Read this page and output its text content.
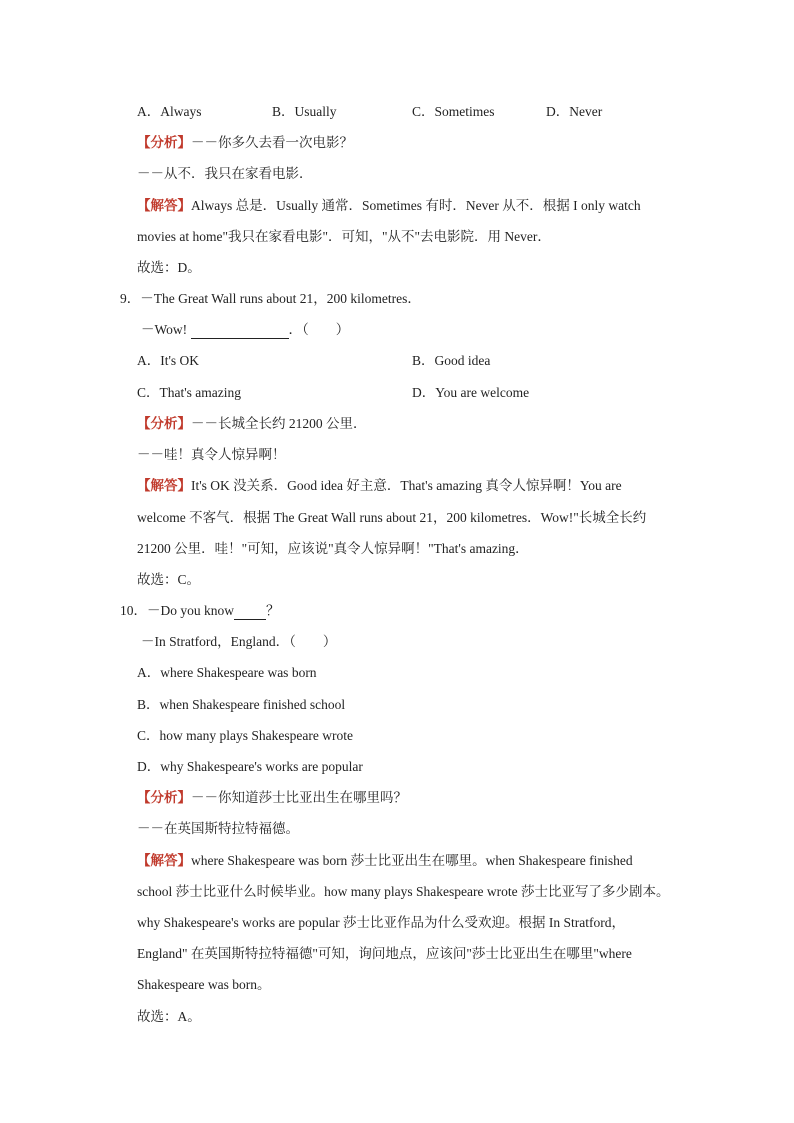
A．Always	B．Usually	C．Sometimes	D．Never
【分析】－－你多久去看一次电影？
－－从不．我只在家看电影．
【解答】Always 总是．Usually 通常．Sometimes 有时．Never 从不．根据 I only watch
movies at home"我只在家看电影"．可知，"从不"去电影院．用 Never．
故选：D。
9．－The Great Wall runs about 21，200 kilometres．
－Wow!	．（　　）
A．It's OK	B．Good idea
C．That's amazing	D．You are welcome
【分析】－－长城全长约 21200 公里．
－－哇！真令人惊异啊！
【解答】It's OK 没关系．Good idea 好主意．That's amazing 真令人惊异啊！You are
welcome 不客气．根据 The Great Wall runs about 21，200 kilometres．Wow!"长城全长约
21200 公里．哇！"可知，应该说"真令人惊异啊！"That's amazing．
故选：C。
10．－Do you know ？
－In Stratford，England．（　　）
A．where Shakespeare was born
B．when Shakespeare finished school
C．how many plays Shakespeare wrote
D．why Shakespeare's works are popular
【分析】－－你知道莎士比亚出生在哪里吗？
－－在英国斯特拉特福德。
【解答】where Shakespeare was born 莎士比亚出生在哪里。when Shakespeare finished
school 莎士比亚什么时候毕业。how many plays Shakespeare wrote 莎士比亚写了多少剧本。
why Shakespeare's works are popular 莎士比亚作品为什么受欢迎。根据 In Stratford，
England" 在英国斯特拉特福德"可知，询问地点，应该问"莎士比亚出生在哪里"where
Shakespeare was born。
故选：A。
